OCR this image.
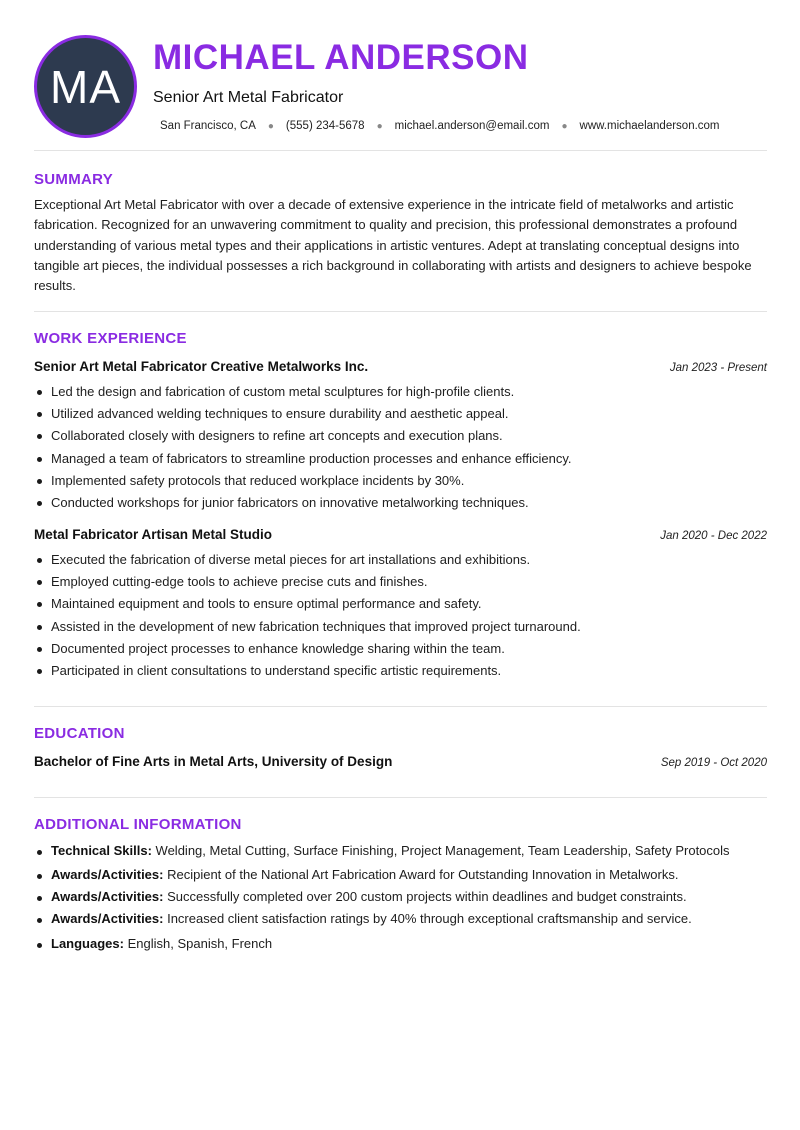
MA
MICHAEL ANDERSON
Senior Art Metal Fabricator
San Francisco, CA ● (555) 234-5678 ● michael.anderson@email.com ● www.michaelanderson.com
SUMMARY
Exceptional Art Metal Fabricator with over a decade of extensive experience in the intricate field of metalworks and artistic fabrication. Recognized for an unwavering commitment to quality and precision, this professional demonstrates a profound understanding of various metal types and their applications in artistic ventures. Adept at translating conceptual designs into tangible art pieces, the individual possesses a rich background in collaborating with artists and designers to achieve bespoke results.
WORK EXPERIENCE
Senior Art Metal Fabricator Creative Metalworks Inc.	Jan 2023 - Present
Led the design and fabrication of custom metal sculptures for high-profile clients.
Utilized advanced welding techniques to ensure durability and aesthetic appeal.
Collaborated closely with designers to refine art concepts and execution plans.
Managed a team of fabricators to streamline production processes and enhance efficiency.
Implemented safety protocols that reduced workplace incidents by 30%.
Conducted workshops for junior fabricators on innovative metalworking techniques.
Metal Fabricator Artisan Metal Studio	Jan 2020 - Dec 2022
Executed the fabrication of diverse metal pieces for art installations and exhibitions.
Employed cutting-edge tools to achieve precise cuts and finishes.
Maintained equipment and tools to ensure optimal performance and safety.
Assisted in the development of new fabrication techniques that improved project turnaround.
Documented project processes to enhance knowledge sharing within the team.
Participated in client consultations to understand specific artistic requirements.
EDUCATION
Bachelor of Fine Arts in Metal Arts, University of Design	Sep 2019 - Oct 2020
ADDITIONAL INFORMATION
Technical Skills: Welding, Metal Cutting, Surface Finishing, Project Management, Team Leadership, Safety Protocols
Awards/Activities: Recipient of the National Art Fabrication Award for Outstanding Innovation in Metalworks.
Awards/Activities: Successfully completed over 200 custom projects within deadlines and budget constraints.
Awards/Activities: Increased client satisfaction ratings by 40% through exceptional craftsmanship and service.
Languages: English, Spanish, French
